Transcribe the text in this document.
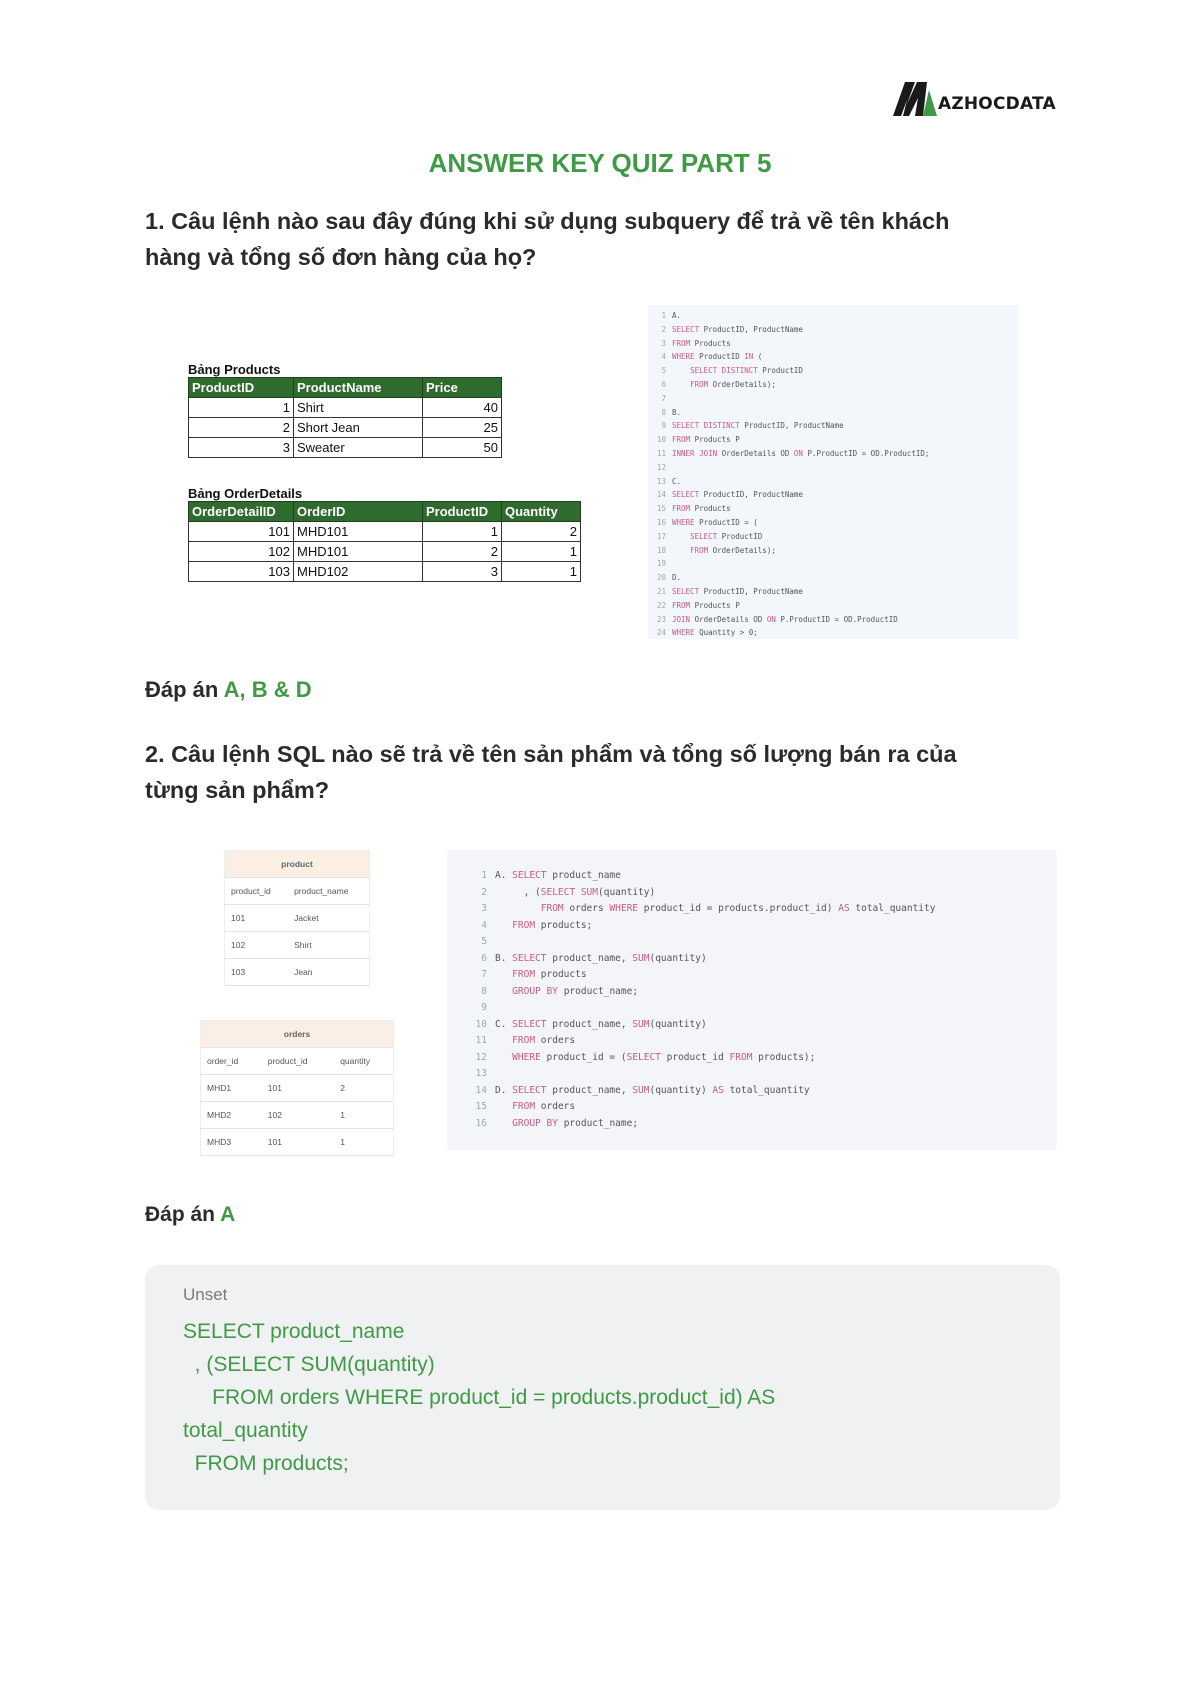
AZHOCDATA
ANSWER KEY QUIZ PART 5
1. Câu lệnh nào sau đây đúng khi sử dụng subquery để trả về tên khách
hàng và tổng số đơn hàng của họ?
Bảng Products
ProductID	ProductName	Price
1	Shirt	40
2	Short Jean	25
3	Sweater	50
Bảng OrderDetails
OrderDetailID	OrderID	ProductID	Quantity
101	MHD101	1	2
102	MHD101	2	1
103	MHD102	3	1
1 A.
2 SELECT ProductID, ProductName
3 FROM Products
4 WHERE ProductID IN (
5	SELECT DISTINCT ProductID
6	FROM OrderDetails);
7
8 B.
9 SELECT DISTINCT ProductID, ProductName
10 FROM Products P
11 INNER JOIN OrderDetails OD ON P.ProductID = OD.ProductID;
12
13 C.
14 SELECT ProductID, ProductName
15 FROM Products
16 WHERE ProductID = (
17	SELECT ProductID
18	FROM OrderDetails);
19
20 D.
21 SELECT ProductID, ProductName
22 FROM Products P
23 JOIN OrderDetails OD ON P.ProductID = OD.ProductID
24 WHERE Quantity > 0;
Đáp án A, B & D
2. Câu lệnh SQL nào sẽ trả về tên sản phẩm và tổng số lượng bán ra của
từng sản phẩm?
product	
product_id	product_name
101	Jacket
102	Shirt
103	Jean
orders		
order_id	product_id	quantity
MHD1	101	2
MHD2	102	1
MHD3	101	1
1 A. SELECT product_name
2     , (SELECT SUM(quantity)
3	FROM orders WHERE product_id = products.product_id) AS total_quantity
4	FROM products;
5
6 B. SELECT product_name, SUM(quantity)
7	FROM products
8	GROUP BY product_name;
9
10 C. SELECT product_name, SUM(quantity)
11	FROM orders
12	WHERE product_id = (SELECT product_id FROM products);
13
14 D. SELECT product_name, SUM(quantity) AS total_quantity
15	FROM orders
16	GROUP BY product_name;
Đáp án A
Unset
SELECT product_name
, (SELECT SUM(quantity)
FROM orders WHERE product_id = products.product_id) AS
total_quantity
FROM products;
